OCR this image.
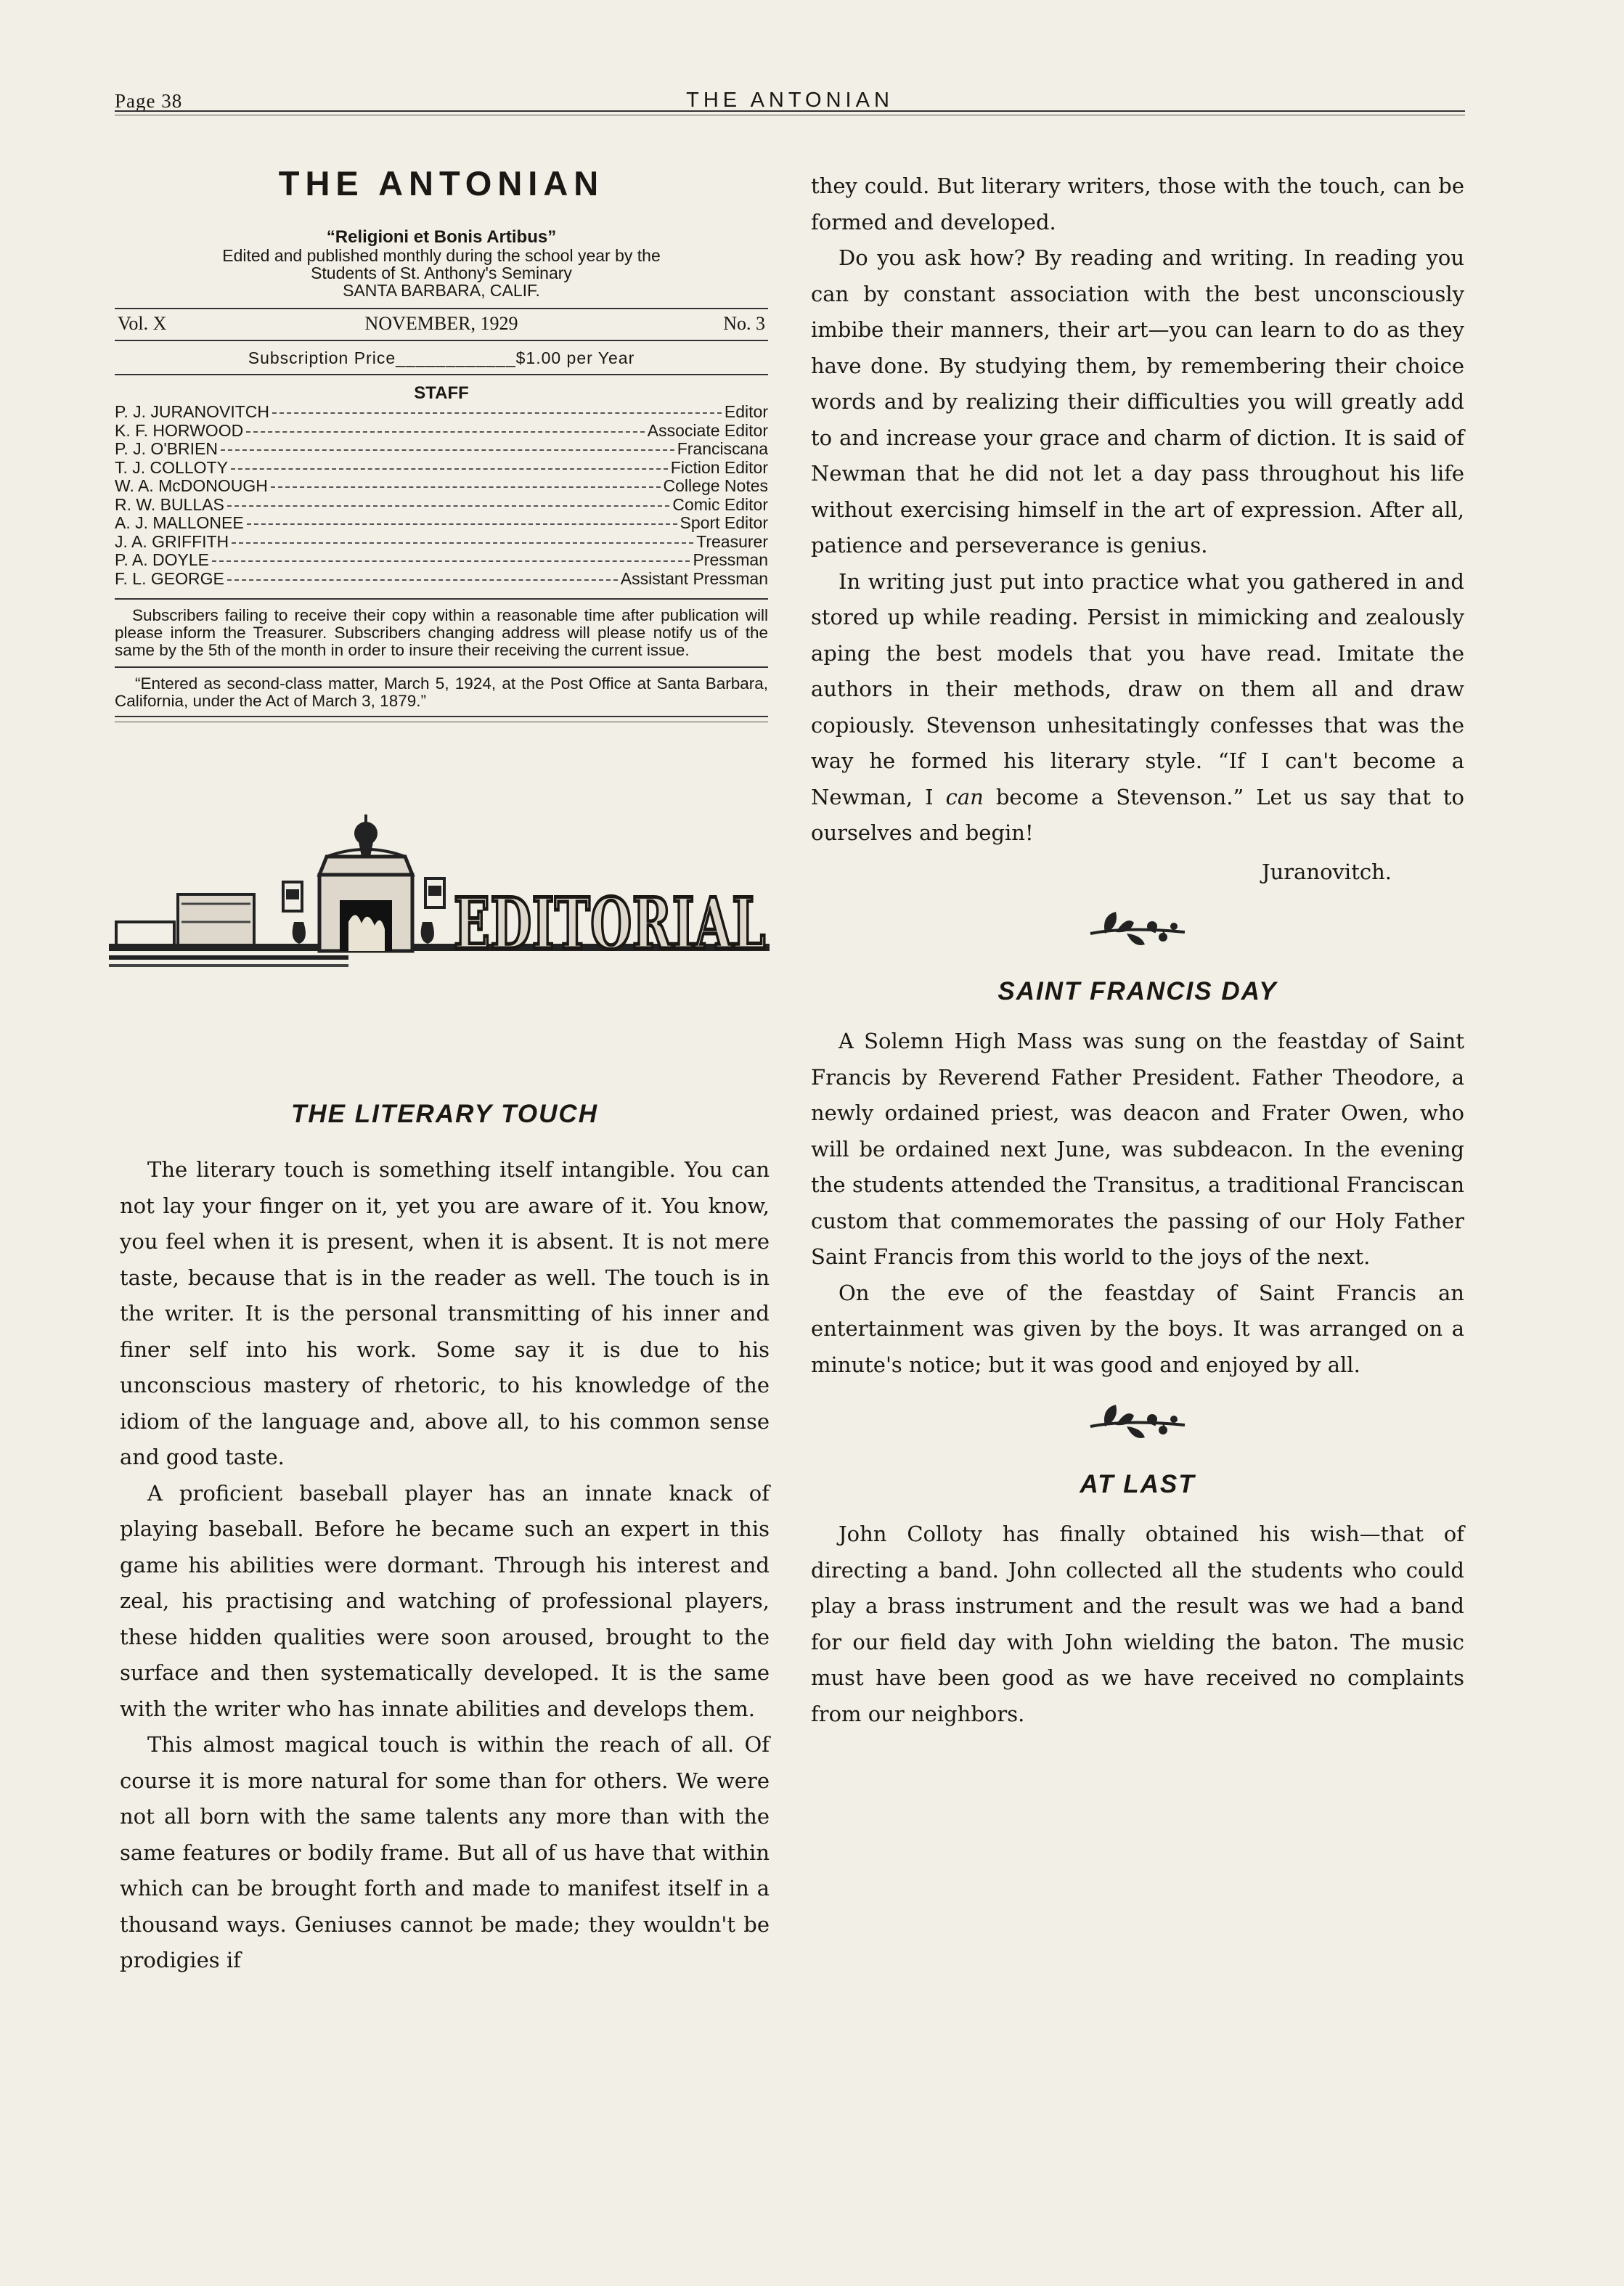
Page 38	THE ANTONIAN
THE ANTONIAN
“Religioni et Bonis Artibus”
Edited and published monthly during the school year by the
Students of St. Anthony's Seminary
SANTA BARBARA, CALIF.
Vol. X	NOVEMBER, 1929	No. 3
Subscription Price____________$1.00 per Year
STAFF
P. J. JURANOVITCH	Editor
K. F. HORWOOD	Associate Editor
P. J. O'BRIEN	Franciscana
T. J. COLLOTY	Fiction Editor
W. A. McDONOUGH	College Notes
R. W. BULLAS	Comic Editor
A. J. MALLONEE	Sport Editor
J. A. GRIFFITH	Treasurer
P. A. DOYLE	Pressman
F. L. GEORGE	Assistant Pressman
Subscribers failing to receive their copy within a reasonable time after publication will please inform the Treasurer. Subscribers changing address will please notify us of the same by the 5th of the month in order to insure their receiving the current issue.
“Entered as second-class matter, March 5, 1924, at the Post Office at Santa Barbara, California, under the Act of March 3, 1879.”
EDITORIAL
THE LITERARY TOUCH

The literary touch is something itself intangible. You can not lay your finger on it, yet you are aware of it. You know, you feel when it is present, when it is absent. It is not mere taste, because that is in the reader as well. The touch is in the writer. It is the personal transmitting of his inner and finer self into his work. Some say it is due to his unconscious mastery of rhetoric, to his knowledge of the idiom of the language and, above all, to his common sense and good taste.

A proficient baseball player has an innate knack of playing baseball. Before he became such an expert in this game his abilities were dormant. Through his interest and zeal, his practising and watching of professional players, these hidden qualities were soon aroused, brought to the surface and then systematically developed. It is the same with the writer who has innate abilities and develops them.

This almost magical touch is within the reach of all. Of course it is more natural for some than for others. We were not all born with the same talents any more than with the same features or bodily frame. But all of us have that within which can be brought forth and made to manifest itself in a thousand ways. Geniuses cannot be made; they wouldn't be prodigies if

they could. But literary writers, those with the touch, can be formed and developed.

Do you ask how? By reading and writing. In reading you can by constant association with the best unconsciously imbibe their manners, their art—you can learn to do as they have done. By studying them, by remembering their choice words and by realizing their difficulties you will greatly add to and increase your grace and charm of diction. It is said of Newman that he did not let a day pass throughout his life without exercising himself in the art of expression. After all, patience and perseverance is genius.

In writing just put into practice what you gathered in and stored up while reading. Persist in mimicking and zealously aping the best models that you have read. Imitate the authors in their methods, draw on them all and draw copiously. Stevenson unhesitatingly confesses that was the way he formed his literary style. “If I can't become a Newman, I can become a Stevenson.” Let us say that to ourselves and begin!

Juranovitch.
SAINT FRANCIS DAY

A Solemn High Mass was sung on the feastday of Saint Francis by Reverend Father President. Father Theodore, a newly ordained priest, was deacon and Frater Owen, who will be ordained next June, was subdeacon. In the evening the students attended the Transitus, a traditional Franciscan custom that commemorates the passing of our Holy Father Saint Francis from this world to the joys of the next.

On the eve of the feastday of Saint Francis an entertainment was given by the boys. It was arranged on a minute's notice; but it was good and enjoyed by all.

AT LAST

John Colloty has finally obtained his wish—that of directing a band. John collected all the students who could play a brass instrument and the result was we had a band for our field day with John wielding the baton. The music must have been good as we have received no complaints from our neighbors.
